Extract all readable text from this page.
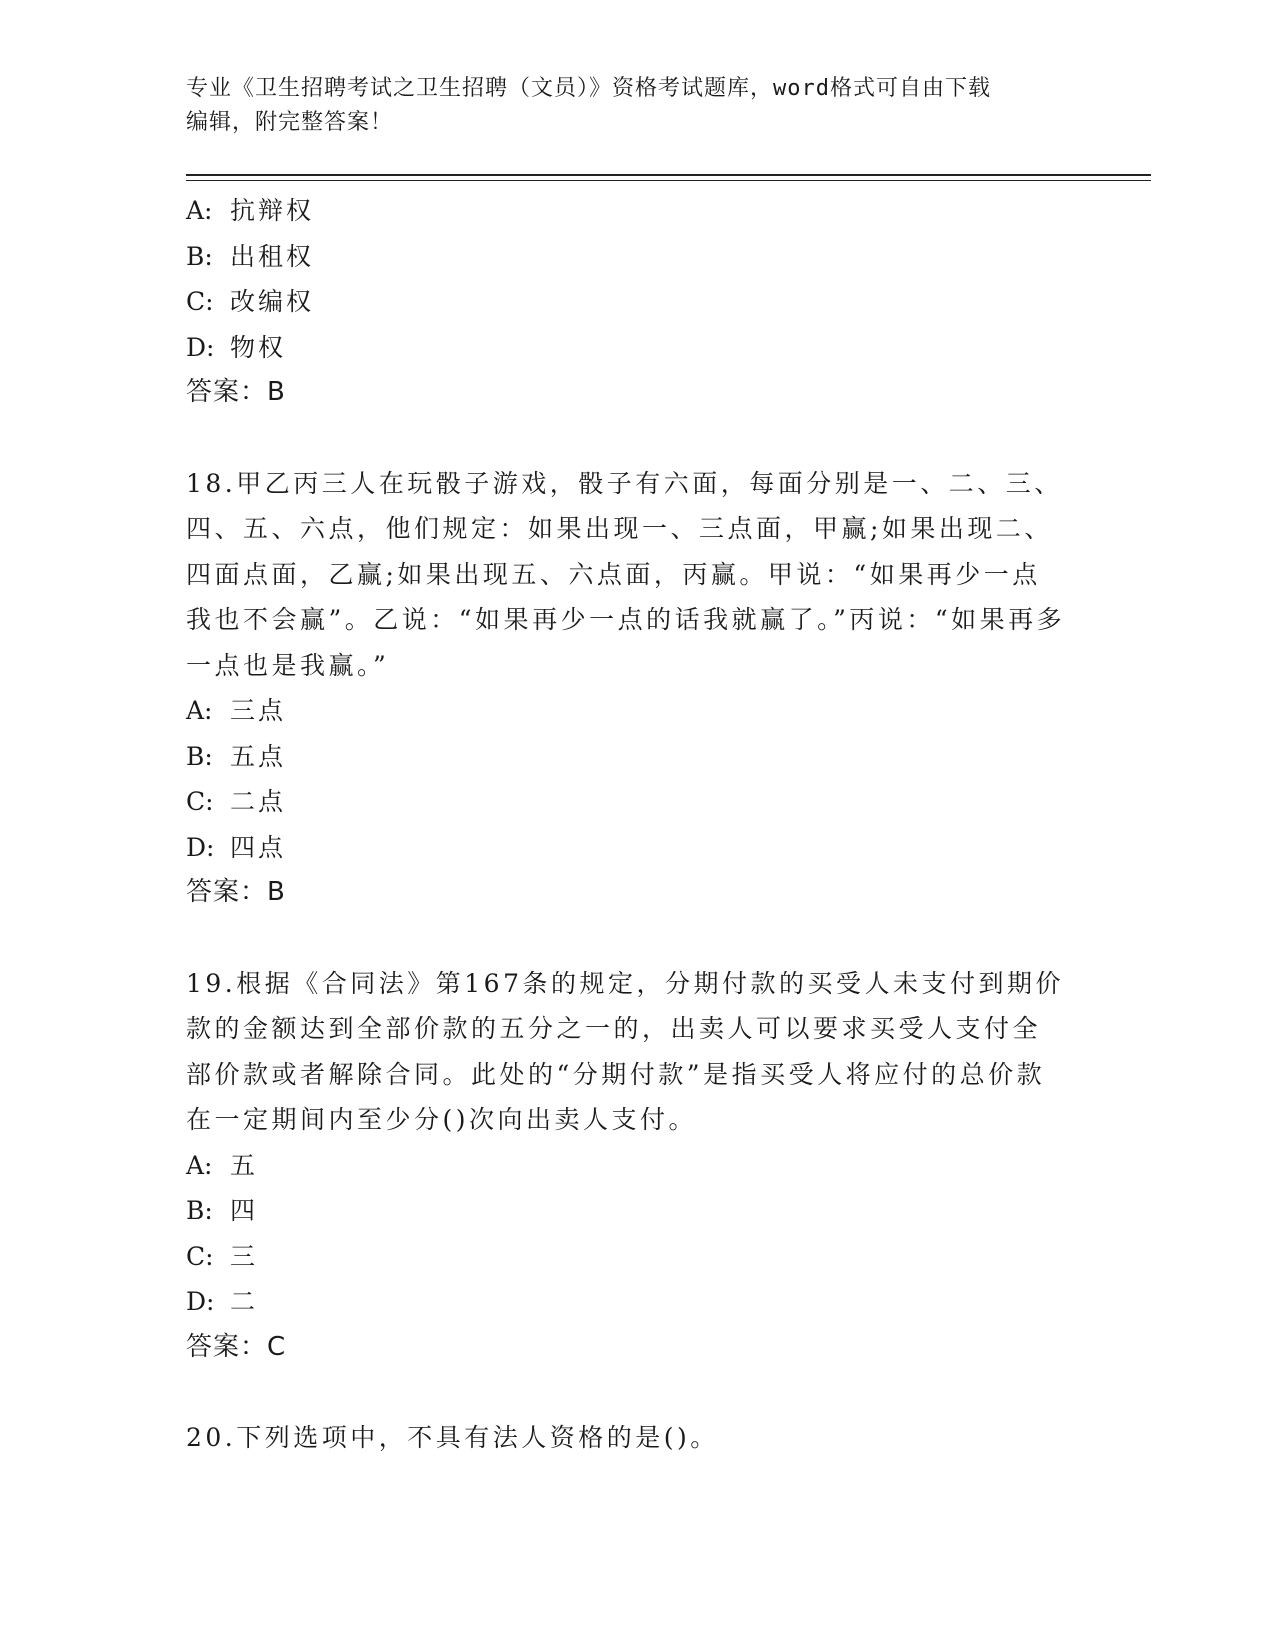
专业《卫生招聘考试之卫生招聘（文员）》资格考试题库，word格式可自由下载
编辑，附完整答案！
A: 抗辩权
B: 出租权
C: 改编权
D: 物权
答案：B
18.甲乙丙三人在玩骰子游戏，骰子有六面，每面分别是一、二、三、四、五、六点，他们规定：如果出现一、三点面，甲赢;如果出现二、四面点面，乙赢;如果出现五、六点面，丙赢。甲说：“如果再少一点我也不会赢”。乙说：“如果再少一点的话我就赢了。”丙说：“如果再多一点也是我赢。”
A: 三点
B: 五点
C: 二点
D: 四点
答案：B
19.根据《合同法》第167条的规定，分期付款的买受人未支付到期价款的金额达到全部价款的五分之一的，出卖人可以要求买受人支付全部价款或者解除合同。此处的“分期付款”是指买受人将应付的总价款在一定期间内至少分()次向出卖人支付。
A: 五
B: 四
C: 三
D: 二
答案：C
20.下列选项中，不具有法人资格的是()。
